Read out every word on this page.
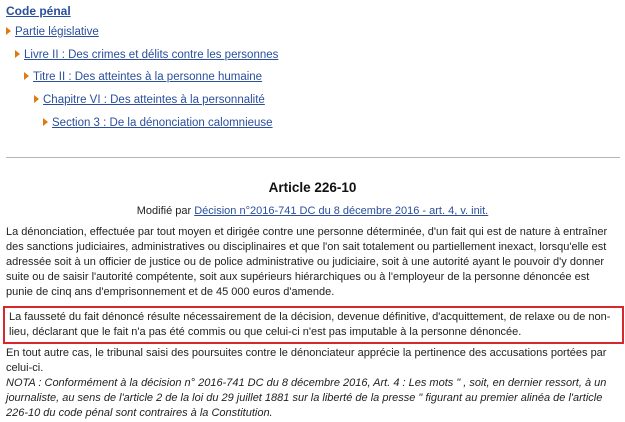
Code pénal
Partie législative
Livre II : Des crimes et délits contre les personnes
Titre II : Des atteintes à la personne humaine
Chapitre VI : Des atteintes à la personnalité
Section 3 : De la dénonciation calomnieuse
Article 226-10
Modifié par Décision n°2016-741 DC du 8 décembre 2016 - art. 4, v. init.

La dénonciation, effectuée par tout moyen et dirigée contre une personne déterminée, d'un fait qui est de nature à entraîner des sanctions judiciaires, administratives ou disciplinaires et que l'on sait totalement ou partiellement inexact, lorsqu'elle est adressée soit à un officier de justice ou de police administrative ou judiciaire, soit à une autorité ayant le pouvoir d'y donner suite ou de saisir l'autorité compétente, soit aux supérieurs hiérarchiques ou à l'employeur de la personne dénoncée est punie de cinq ans d'emprisonnement et de 45 000 euros d'amende.

La fausseté du fait dénoncé résulte nécessairement de la décision, devenue définitive, d'acquittement, de relaxe ou de non-lieu, déclarant que le fait n'a pas été commis ou que celui-ci n'est pas imputable à la personne dénoncée.

En tout autre cas, le tribunal saisi des poursuites contre le dénonciateur apprécie la pertinence des accusations portées par celui-ci.

NOTA : Conformément à la décision n° 2016-741 DC du 8 décembre 2016, Art. 4 : Les mots " , soit, en dernier ressort, à un journaliste, au sens de l'article 2 de la loi du 29 juillet 1881 sur la liberté de la presse " figurant au premier alinéa de l'article 226-10 du code pénal sont contraires à la Constitution.
